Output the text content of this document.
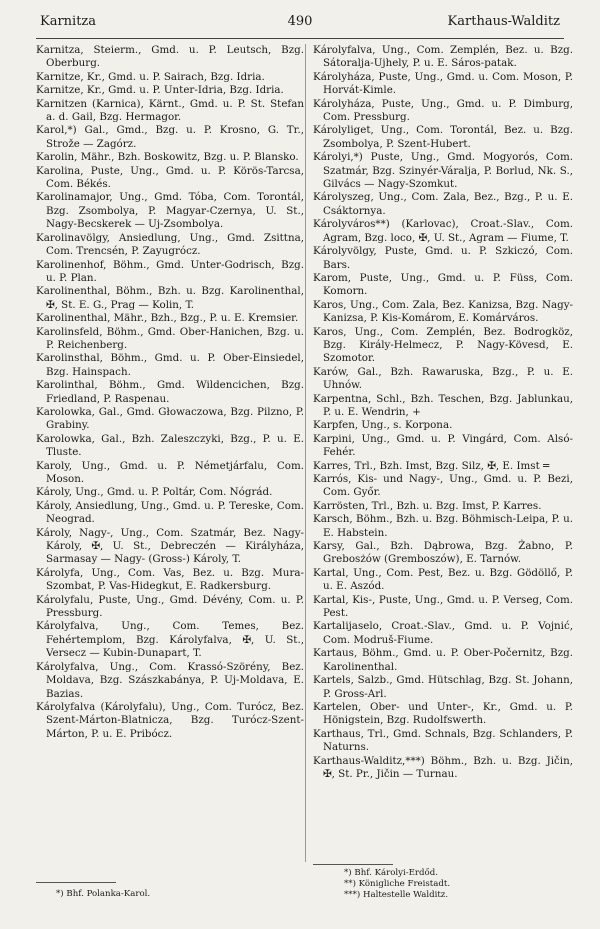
Karnitza	490	Karthaus-Walditz
Karnitza, Steierm., Gmd. u. P. Leutsch, Bzg. Oberburg.
Karnitze, Kr., Gmd. u. P. Sairach, Bzg. Idria.
Karnitze, Kr., Gmd. u. P. Unter-Idria, Bzg. Idria.
Karnitzen (Karnica), Kärnt., Gmd. u. P. St. Stefan a. d. Gail, Bzg. Hermagor.
Karol,*) Gal., Gmd., Bzg. u. P. Krosno, G. Tr., Strože — Zagórz.
Karolin, Mähr., Bzh. Boskowitz, Bzg. u. P. Blansko.
Karolina, Puste, Ung., Gmd. u. P. Körös-Tarcsa, Com. Békés.
Karolinamajor, Ung., Gmd. Tóba, Com. Torontál, Bzg. Zsombolya, P. Magyar-Czernya, U. St., Nagy-Becskerek — Uj-Zsombolya.
Karolinavölgy, Ansiedlung, Ung., Gmd. Zsittna, Com. Trencsén, P. Zayugrócz.
Karolinenhof, Böhm., Gmd. Unter-Godrisch, Bzg. u. P. Plan.
Karolinenthal, Böhm., Bzh. u. Bzg. Karolinenthal, ✠, St. E. G., Prag — Kolin, T.
Karolinenthal, Mähr., Bzh., Bzg., P. u. E. Kremsier.
Karolinsfeld, Böhm., Gmd. Ober-Hanichen, Bzg. u. P. Reichenberg.
Karolinsthal, Böhm., Gmd. u. P. Ober-Einsiedel, Bzg. Hainspach.
Karolinthal, Böhm., Gmd. Wildencichen, Bzg. Friedland, P. Raspenau.
Karolowka, Gal., Gmd. Głowaczowa, Bzg. Pilzno, P. Grabiny.
Karolowka, Gal., Bzh. Zaleszczyki, Bzg., P. u. E. Tluste.
Karoly, Ung., Gmd. u. P. Németjárfalu, Com. Moson.
Károly, Ung., Gmd. u. P. Poltár, Com. Nógrád.
Károly, Ansiedlung, Ung., Gmd. u. P. Tereske, Com. Neograd.
Károly, Nagy-, Ung., Com. Szatmár, Bez. Nagy-Károly, ✠, U. St., Debreczén — Királyháza, Sarmasay — Nagy- (Gross-) Károly, T.
Károlyfa, Ung., Com. Vas, Bez. u. Bzg. Mura-Szombat, P. Vas-Hidegkut, E. Radkersburg.
Károlyfalu, Puste, Ung., Gmd. Dévény, Com. u. P. Pressburg.
Károlyfalva, Ung., Com. Temes, Bez. Fehértemplom, Bzg. Károlyfalva, ✠, U. St., Versecz — Kubin-Dunapart, T.
Károlyfalva, Ung., Com. Krassó-Szörény, Bez. Moldava, Bzg. Szászkabánya, P. Uj-Moldava, E. Bazias.
Károlyfalva (Károlyfalu), Ung., Com. Turócz, Bez. Szent-Márton-Blatnicza, Bzg. Turócz-Szent-Márton, P. u. E. Pribócz.
Károlyfalva, Ung., Com. Zemplén, Bez. u. Bzg. Sátoralja-Ujhely, P. u. E. Sáros-patak.
Károlyháza, Puste, Ung., Gmd. u. Com. Moson, P. Horvát-Kimle.
Károlyháza, Puste, Ung., Gmd. u. P. Dimburg, Com. Pressburg.
Károlyliget, Ung., Com. Torontál, Bez. u. Bzg. Zsombolya, P. Szent-Hubert.
Károlyi,*) Puste, Ung., Gmd. Mogyorós, Com. Szatmár, Bzg. Szinyér-Váralja, P. Borlud, Nk. S., Gilvács — Nagy-Szomkut.
Károlyszeg, Ung., Com. Zala, Bez., Bzg., P. u. E. Csáktornya.
Károlyváros**) (Karlovac), Croat.-Slav., Com. Agram, Bzg. loco, ✠, U. St., Agram — Fiume, T.
Károlyvölgy, Puste, Gmd. u. P. Szkiczó, Com. Bars.
Karom, Puste, Ung., Gmd. u. P. Füss, Com. Komorn.
Karos, Ung., Com. Zala, Bez. Kanizsa, Bzg. Nagy-Kanizsa, P. Kis-Komárom, E. Komárváros.
Karos, Ung., Com. Zemplén, Bez. Bodrogköz, Bzg. Király-Helmecz, P. Nagy-Kövesd, E. Szomotor.
Karów, Gal., Bzh. Rawaruska, Bzg., P. u. E. Uhnów.
Karpentna, Schl., Bzh. Teschen, Bzg. Jablunkau, P. u. E. Wendrin, +
Karpfen, Ung., s. Korpona.
Karpini, Ung., Gmd. u. P. Vingárd, Com. Alsó-Fehér.
Karres, Trl., Bzh. Imst, Bzg. Silz, ✠, E. Imst ═
Karrós, Kis- und Nagy-, Ung., Gmd. u. P. Bezi, Com. Győr.
Karrösten, Trl., Bzh. u. Bzg. Imst, P. Karres.
Karsch, Böhm., Bzh. u. Bzg. Böhmisch-Leipa, P. u. E. Habstein.
Karsy, Gal., Bzh. Dąbrowa, Bzg. Żabno, P. Grebosżów (Gremboszów), E. Tarnów.
Kartal, Ung., Com. Pest, Bez. u. Bzg. Gödöllő, P. u. E. Aszód.
Kartal, Kis-, Puste, Ung., Gmd. u. P. Verseg, Com. Pest.
Kartalijaselo, Croat.-Slav., Gmd. u. P. Vojnić, Com. Modruš-Fiume.
Kartaus, Böhm., Gmd. u. P. Ober-Počernitz, Bzg. Karolinenthal.
Kartels, Salzb., Gmd. Hütschlag, Bzg. St. Johann, P. Gross-Arl.
Kartelen, Ober- und Unter-, Kr., Gmd. u. P. Hönigstein, Bzg. Rudolfswerth.
Karthaus, Trl., Gmd. Schnals, Bzg. Schlanders, P. Naturns.
Karthaus-Walditz,***) Böhm., Bzh. u. Bzg. Jičin, ✠, St. Pr., Jičin — Turnau.
*) Bhf. Polanka-Karol.
*) Bhf. Károlyi-Erdőd.
**) Königliche Freistadt.
***) Haltestelle Walditz.
